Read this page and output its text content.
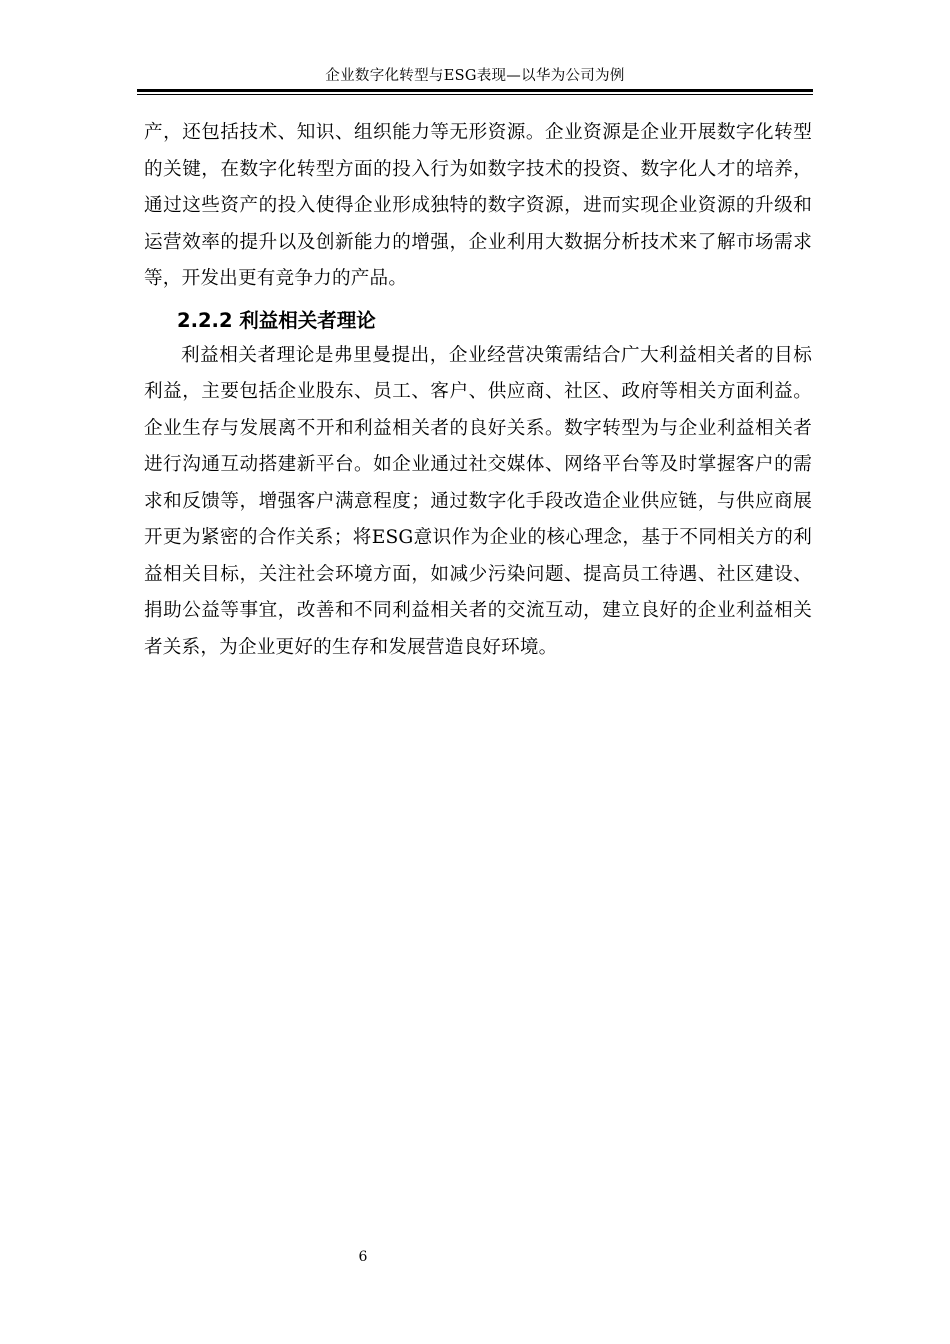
企业数字化转型与ESG表现—以华为公司为例

产，还包括技术、知识、组织能力等无形资源。企业资源是企业开展数字化转型的关键，在数字化转型方面的投入行为如数字技术的投资、数字化人才的培养，通过这些资产的投入使得企业形成独特的数字资源，进而实现企业资源的升级和运营效率的提升以及创新能力的增强，企业利用大数据分析技术来了解市场需求等，开发出更有竞争力的产品。

2.2.2 利益相关者理论

利益相关者理论是弗里曼提出，企业经营决策需结合广大利益相关者的目标利益，主要包括企业股东、员工、客户、供应商、社区、政府等相关方面利益。企业生存与发展离不开和利益相关者的良好关系。数字转型为与企业利益相关者进行沟通互动搭建新平台。如企业通过社交媒体、网络平台等及时掌握客户的需求和反馈等，增强客户满意程度；通过数字化手段改造企业供应链，与供应商展开更为紧密的合作关系；将ESG意识作为企业的核心理念，基于不同相关方的利益相关目标，关注社会环境方面，如减少污染问题、提高员工待遇、社区建设、捐助公益等事宜，改善和不同利益相关者的交流互动，建立良好的企业利益相关者关系，为企业更好的生存和发展营造良好环境。

6
